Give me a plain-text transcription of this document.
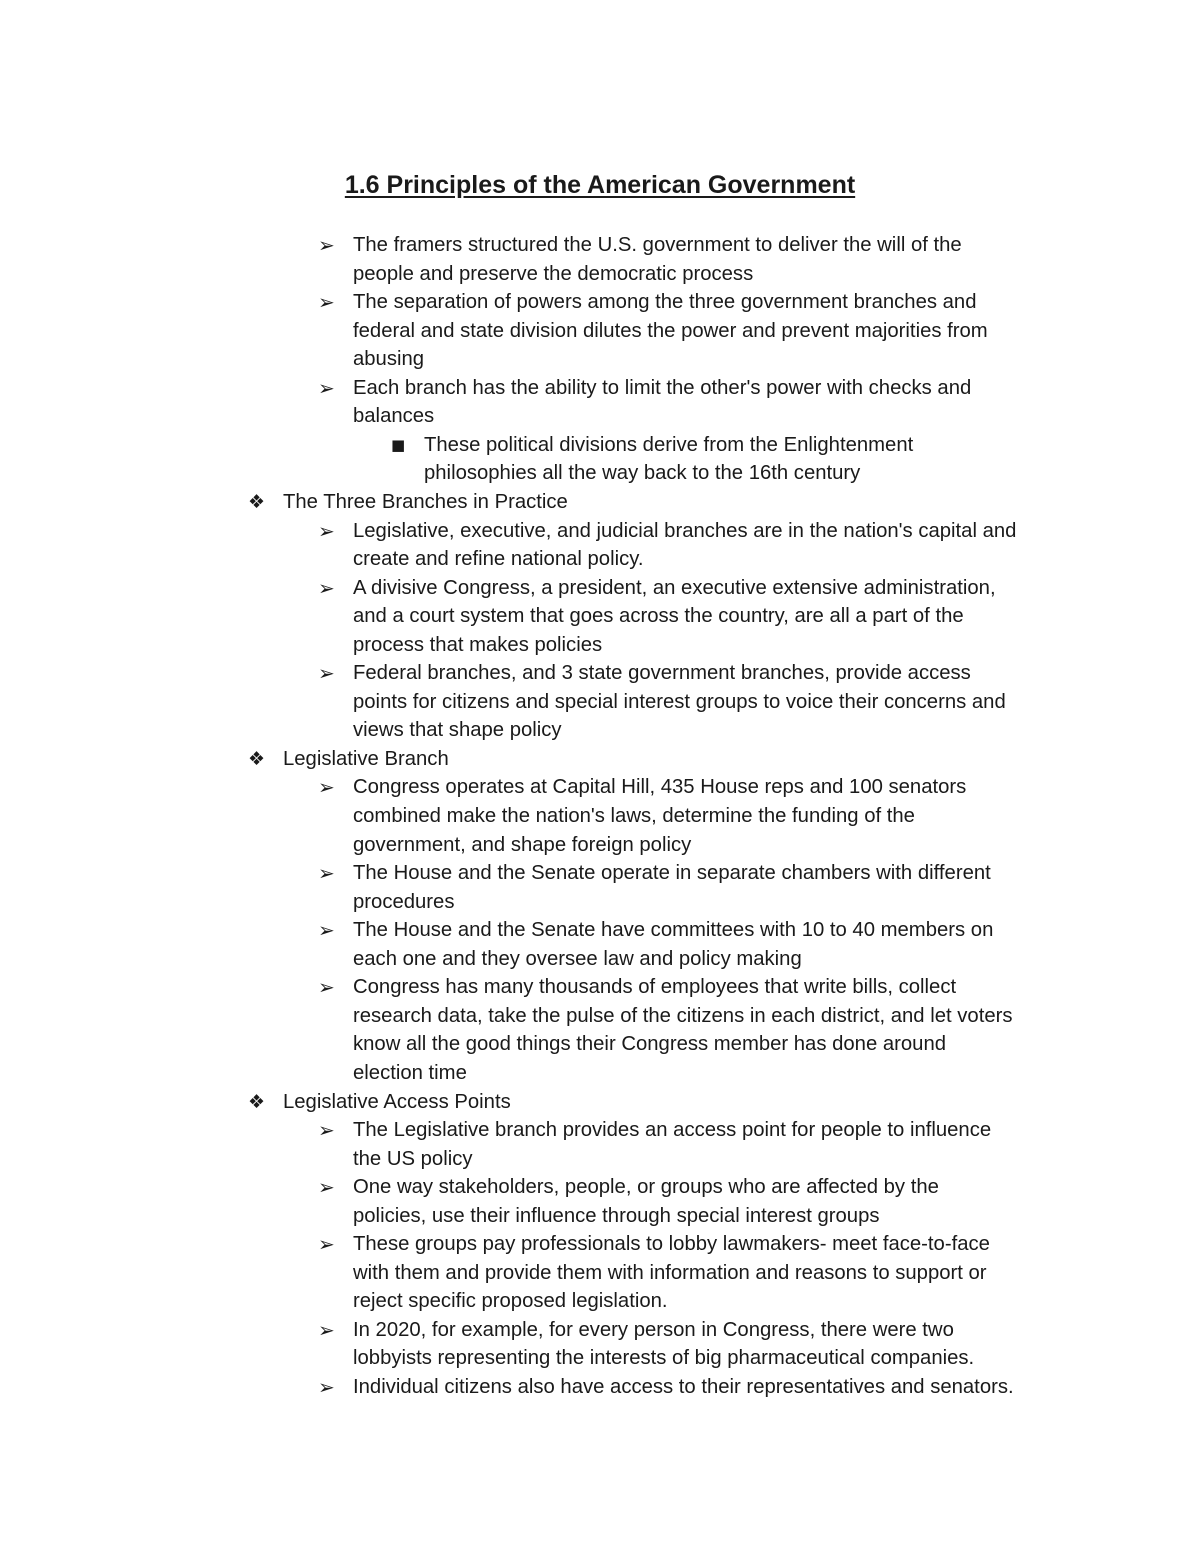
1.6 Principles of the American Government
➢ The framers structured the U.S. government to deliver the will of the

people and preserve the democratic process

➢ The separation of powers among the three government branches and

federal and state division dilutes the power and prevent majorities from

abusing

➢ Each branch has the ability to limit the other's power with checks and

balances

■ These political divisions derive from the Enlightenment

philosophies all the way back to the 16th century

❖ The Three Branches in Practice

➢ Legislative, executive, and judicial branches are in the nation's capital and

create and refine national policy.

➢ A divisive Congress, a president, an executive extensive administration,

and a court system that goes across the country, are all a part of the

process that makes policies

➢ Federal branches, and 3 state government branches, provide access

points for citizens and special interest groups to voice their concerns and

views that shape policy

❖ Legislative Branch

➢ Congress operates at Capital Hill, 435 House reps and 100 senators

combined make the nation's laws, determine the funding of the

government, and shape foreign policy

➢ The House and the Senate operate in separate chambers with different

procedures

➢ The House and the Senate have committees with 10 to 40 members on

each one and they oversee law and policy making

➢ Congress has many thousands of employees that write bills, collect

research data, take the pulse of the citizens in each district, and let voters

know all the good things their Congress member has done around

election time

❖ Legislative Access Points

➢ The Legislative branch provides an access point for people to influence

the US policy

➢ One way stakeholders, people, or groups who are affected by the

policies, use their influence through special interest groups

➢ These groups pay professionals to lobby lawmakers- meet face-to-face

with them and provide them with information and reasons to support or

reject specific proposed legislation.

➢ In 2020, for example, for every person in Congress, there were two

lobbyists representing the interests of big pharmaceutical companies.

➢ Individual citizens also have access to their representatives and senators.
